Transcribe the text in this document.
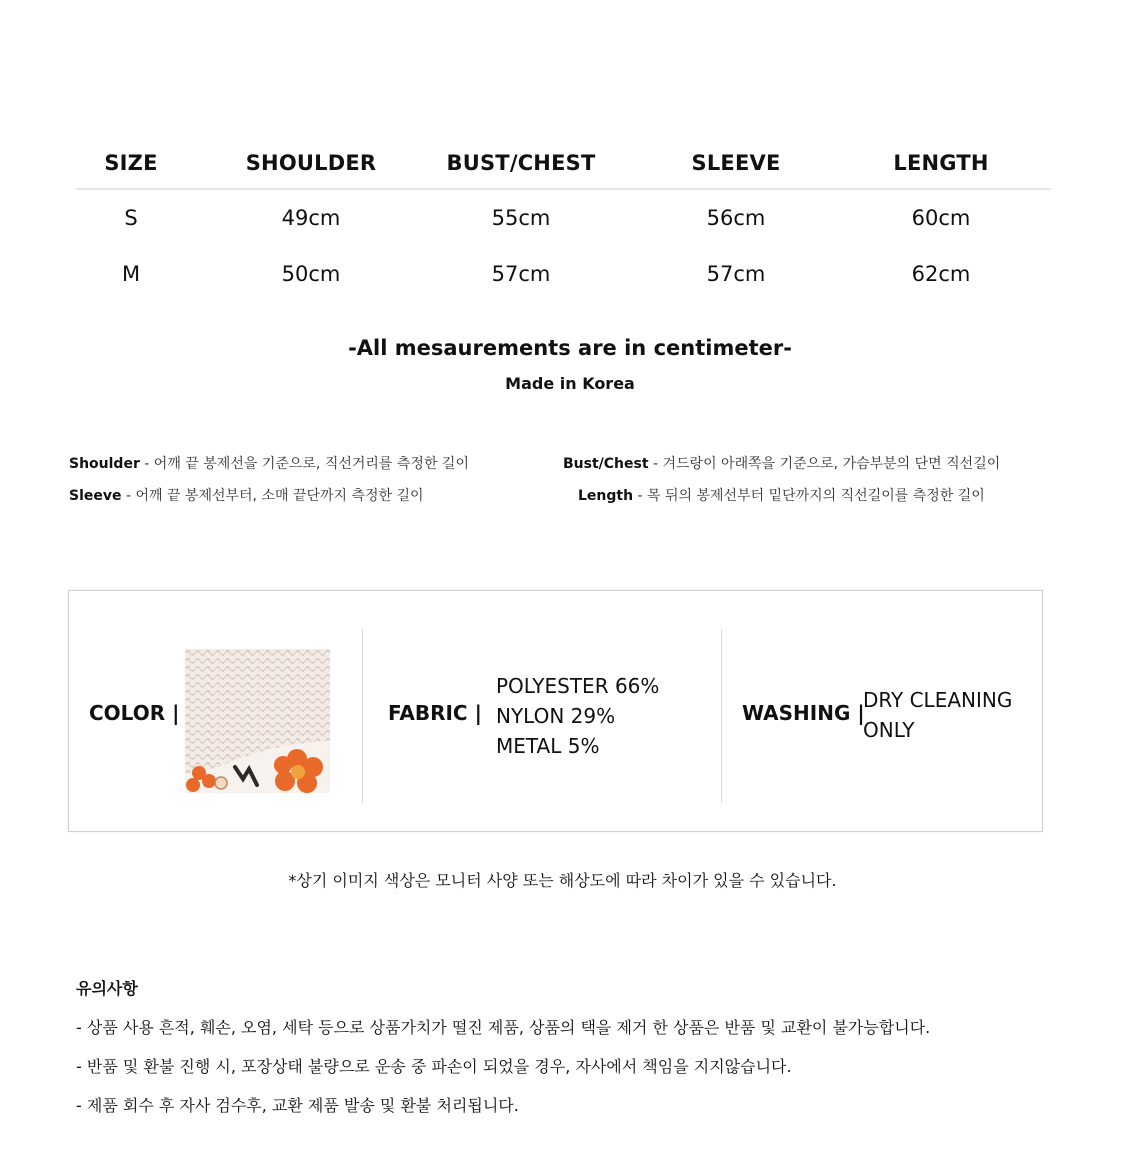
SIZE	SHOULDER	BUST/CHEST	SLEEVE	LENGTH
S	49cm	55cm	56cm	60cm
M	50cm	57cm	57cm	62cm
-All mesaurements are in centimeter-
Made in Korea
Shoulder - 어깨 끝 봉제선을 기준으로, 직선거리를 측정한 길이	Bust/Chest - 겨드랑이 아래쪽을 기준으로, 가슴부분의 단면 직선길이
Sleeve - 어깨 끝 봉제선부터, 소매 끝단까지 측정한 길이	Length - 목 뒤의 봉제선부터 밑단까지의 직선길이를 측정한 길이
COLOR |	FABRIC |
POLYESTER 66%
NYLON 29%
METAL 5%
WASHING |
DRY CLEANING
ONLY
*상기 이미지 색상은 모니터 사양 또는 해상도에 따라 차이가 있을 수 있습니다.
유의사항
- 상품 사용 흔적, 훼손, 오염, 세탁 등으로 상품가치가 떨진 제품, 상품의 택을 제거 한 상품은 반품 및 교환이 불가능합니다.
- 반품 및 환불 진행 시, 포장상태 불량으로 운송 중 파손이 되었을 경우, 자사에서 책임을 지지않습니다.
- 제품 회수 후 자사 검수후, 교환 제품 발송 및 환불 처리됩니다.
